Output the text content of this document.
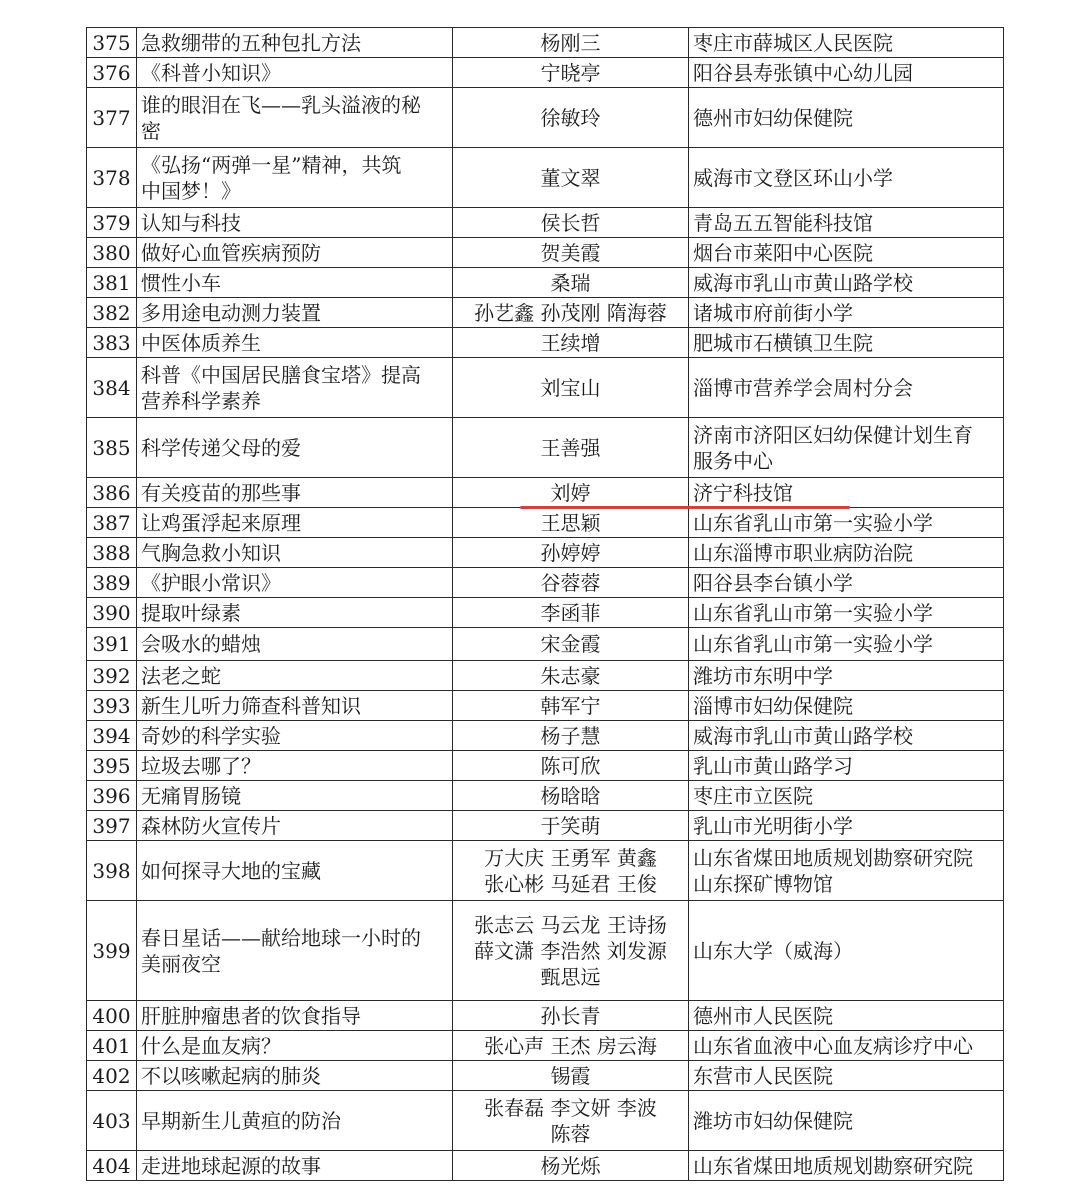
375	急救绷带的五种包扎方法	杨刚三	枣庄市薛城区人民医院

376	《科普小知识》	宁晓亭	阳谷县寿张镇中心幼儿园

377	谁的眼泪在飞——乳头溢液的秘
密	徐敏玲	德州市妇幼保健院

378	《弘扬“两弹一星”精神，共筑
中国梦！》	董文翠	威海市文登区环山小学

379	认知与科技	侯长哲	青岛五五智能科技馆

380	做好心血管疾病预防	贺美霞	烟台市莱阳中心医院

381	惯性小车	桑瑞	威海市乳山市黄山路学校

382	多用途电动测力装置	孙艺鑫 孙茂刚 隋海蓉	诸城市府前街小学

383	中医体质养生	王续增	肥城市石横镇卫生院

384	科普《中国居民膳食宝塔》提高
营养科学素养	刘宝山	淄博市营养学会周村分会

385	科学传递父母的爱	王善强	济南市济阳区妇幼保健计划生育
服务中心

386	有关疫苗的那些事	刘婷	济宁科技馆

387	让鸡蛋浮起来原理	王思颖	山东省乳山市第一实验小学

388	气胸急救小知识	孙婷婷	山东淄博市职业病防治院

389	《护眼小常识》	谷蓉蓉	阳谷县李台镇小学

390	提取叶绿素	李函菲	山东省乳山市第一实验小学

391	会吸水的蜡烛	宋金霞	山东省乳山市第一实验小学

392	法老之蛇	朱志豪	潍坊市东明中学

393	新生儿听力筛查科普知识	韩军宁	淄博市妇幼保健院

394	奇妙的科学实验	杨子慧	威海市乳山市黄山路学校

395	垃圾去哪了？	陈可欣	乳山市黄山路学习

396	无痛胃肠镜	杨晗晗	枣庄市立医院

397	森林防火宣传片	于笑萌	乳山市光明街小学

398	如何探寻大地的宝藏	万大庆 王勇军 黄鑫
张心彬 马延君 王俊	山东省煤田地质规划勘察研究院
山东探矿博物馆

399	春日星话——献给地球一小时的
美丽夜空	张志云 马云龙 王诗扬
薛文潇 李浩然 刘发源
甄思远	山东大学（威海）

400	肝脏肿瘤患者的饮食指导	孙长青	德州市人民医院

401	什么是血友病？	张心声 王杰 房云海	山东省血液中心血友病诊疗中心

402	不以咳嗽起病的肺炎	锡霞	东营市人民医院

403	早期新生儿黄疸的防治	张春磊 李文妍 李波
陈蓉	潍坊市妇幼保健院

404	走进地球起源的故事	杨光烁	山东省煤田地质规划勘察研究院
